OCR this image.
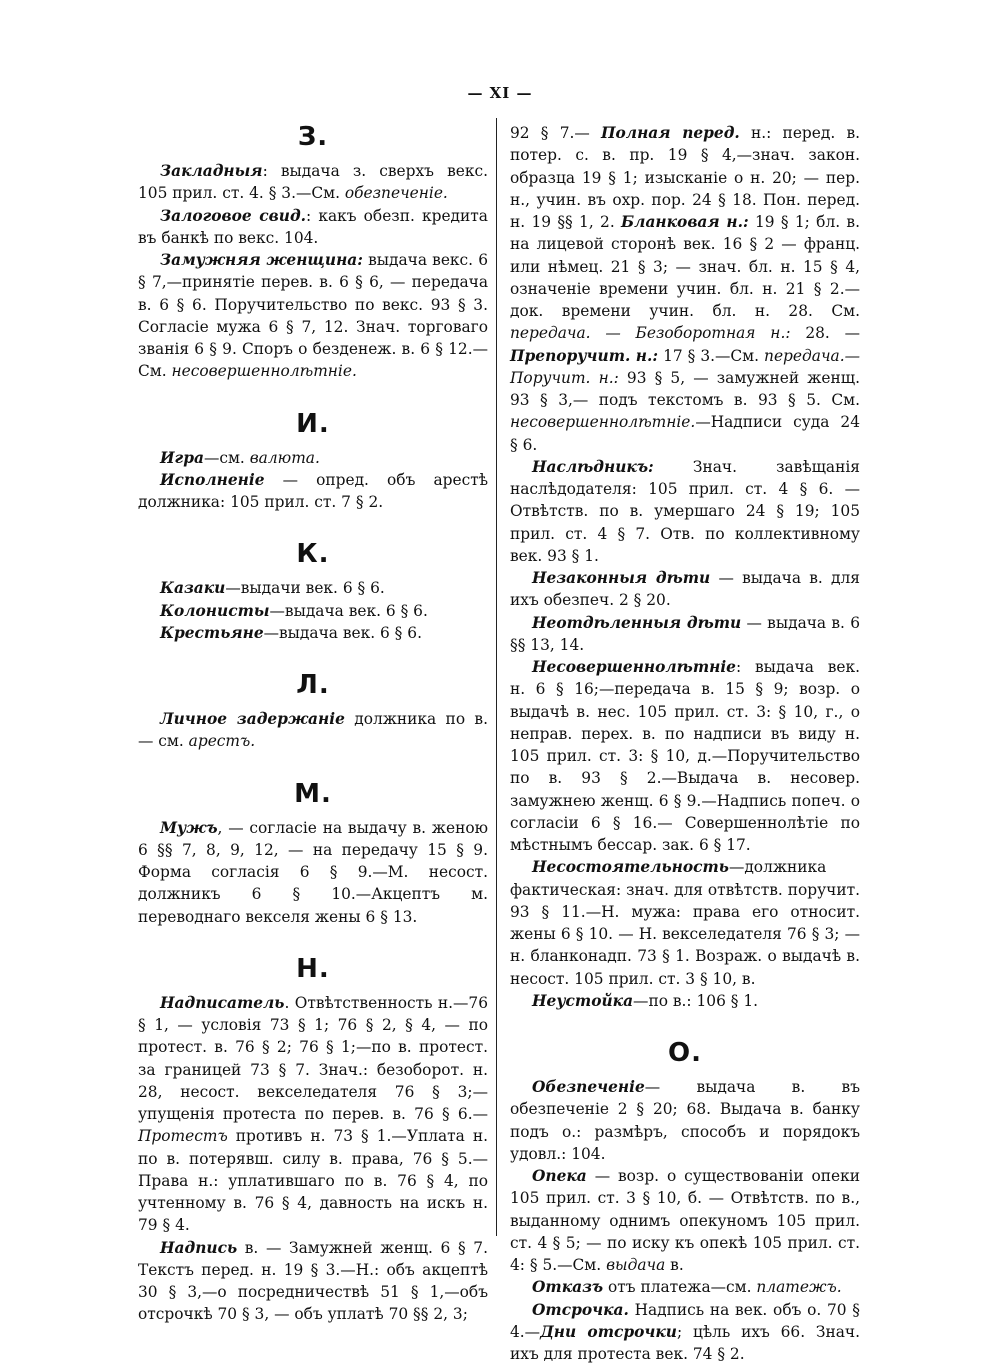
— XI —
З.

Закладныя: выдача з. сверхъ векс. 105 прил. ст. 4. § 3.—См. обезпеченіе.

Залоговое свид.: какъ обезп. кредита въ банкѣ по векс. 104.

Замужняя женщина: выдача векс. 6 § 7,—принятіе перев. в. 6 § 6, — передача в. 6 § 6. Поручительство по векс. 93 § 3. Согласіе мужа 6 § 7, 12. Знач. торговаго званія 6 § 9. Споръ о безденеж. в. 6 § 12.— См. несовершеннолѣтніе.

И.

Игра—см. валюта.

Исполненіе — опред. объ арестѣ должника: 105 прил. ст. 7 § 2.

К.

Казаки—выдачи век. 6 § 6.

Колонисты—выдача век. 6 § 6.

Крестьяне—выдача век. 6 § 6.

Л.

Личное задержаніе должника по в. — см. арестъ.

М.

Мужъ, — согласіе на выдачу в. женою 6 §§ 7, 8, 9, 12, — на передачу 15 § 9. Форма согласія 6 § 9.—М. несост. должникъ 6 § 10.—Акцептъ м. переводнаго векселя жены 6 § 13.

Н.

Надписатель. Отвѣтственность н.—76 § 1, — условія 73 § 1; 76 § 2, § 4, — по протест. в. 76 § 2; 76 § 1;—по в. протест. за границей 73 § 7. Знач.: безоборот. н. 28, несост. векселедателя 76 § 3;—упущенія протеста по перев. в. 76 § 6.— Протестъ противъ н. 73 § 1.—Уплата н. по в. потерявш. силу в. права, 76 § 5.—Права н.: уплатившаго по в. 76 § 4, по учтенному в. 76 § 4, давность на искъ н. 79 § 4.

Надпись в. — Замужней женщ. 6 § 7. Текстъ перед. н. 19 § 3.—Н.: объ акцептѣ 30 § 3,—о посредничествѣ 51 § 1,—объ отсрочкѣ 70 § 3, — объ уплатѣ 70 §§ 2, 3;

92 § 7.— Полная перед. н.: перед. в. потер. с. в. пр. 19 § 4,—знач. закон. образца 19 § 1; изысканіе о н. 20; — пер. н., учин. въ охр. пор. 24 § 18. Пон. перед. н. 19 §§ 1, 2. Бланковая н.: 19 § 1; бл. в. на лицевой сторонѣ век. 16 § 2 — франц. или нѣмец. 21 § 3; — знач. бл. н. 15 § 4, означеніе времени учин. бл. н. 21 § 2.—док. времени учин. бл. н. 28. См. передача. — Безоборотная н.: 28. — Препоручит. н.: 17 § 3.—См. передача.— Поручит. н.: 93 § 5, — замужней женщ. 93 § 3,— подъ текстомъ в. 93 § 5. См. несовершеннолѣтніе.—Надписи суда 24 § 6.

Наслѣдникъ: Знач. завѣщанія наслѣдодателя: 105 прил. ст. 4 § 6. — Отвѣтств. по в. умершаго 24 § 19; 105 прил. ст. 4 § 7. Отв. по коллективному век. 93 § 1.

Незаконныя дѣти — выдача в. для ихъ обезпеч. 2 § 20.

Неотдѣленныя дѣти — выдача в. 6 §§ 13, 14.

Несовершеннолѣтніе: выдача век. н. 6 § 16;—передача в. 15 § 9; возр. о выдачѣ в. нес. 105 прил. ст. 3: § 10, г., о неправ. перех. в. по надписи въ виду н. 105 прил. ст. 3: § 10, д.—Поручительство по в. 93 § 2.—Выдача в. несовер. замужнею женщ. 6 § 9.—Надпись попеч. о согласіи 6 § 16.— Совершеннолѣтіе по мѣстнымъ бессар. зак. 6 § 17.

Несостоятельность—должника фактическая: знач. для отвѣтств. поручит. 93 § 11.—Н. мужа: права его относит. жены 6 § 10. — Н. векселедателя 76 § 3; — н. бланконадп. 73 § 1. Возраж. о выдачѣ в. несост. 105 прил. ст. 3 § 10, в.

Неустойка—по в.: 106 § 1.

О.

Обезпеченіе— выдача в. въ обезпеченіе 2 § 20; 68. Выдача в. банку подъ о.: размѣръ, способъ и порядокъ удовл.: 104.

Опека — возр. о существованіи опеки 105 прил. ст. 3 § 10, б. — Отвѣтств. по в., выданному однимъ опекуномъ 105 прил. ст. 4 § 5; — по иску къ опекѣ 105 прил. ст. 4: § 5.—См. выдача в.

Отказъ отъ платежа—см. платежъ.

Отсрочка. Надпись на век. объ о. 70 § 4.—Дни отсрочки; цѣль ихъ 66. Знач. ихъ для протеста век. 74 § 2.
